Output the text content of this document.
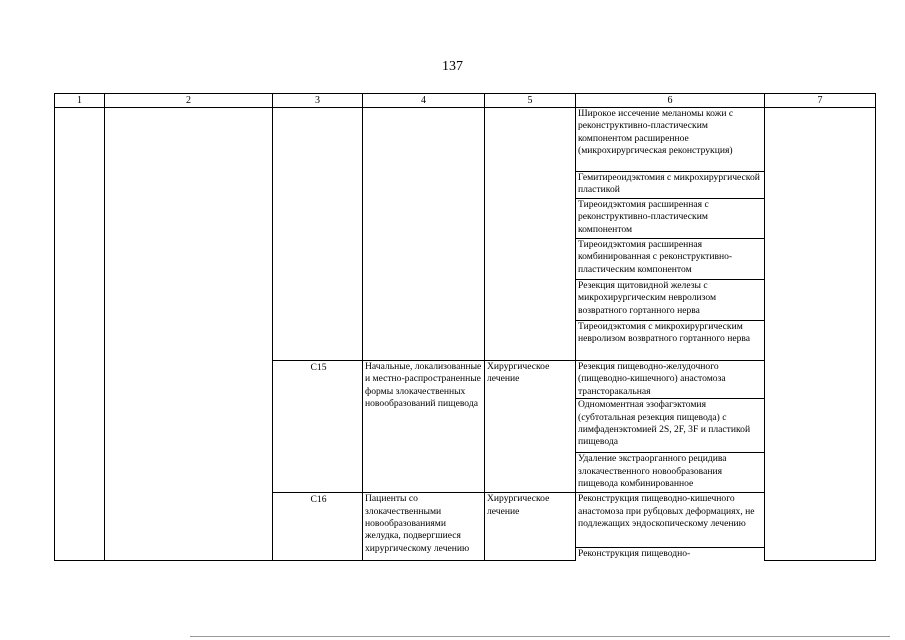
137
1	2	3	4	5	6	7
					Широкое иссечение меланомы кожи с реконструктивно-пластическим компонентом расширенное (микрохирургическая реконструкция)	
					Гемитиреоидэктомия с микрохирургической пластикой	
					Тиреоидэктомия расширенная с реконструктивно-пластическим компонентом	
					Тиреоидэктомия расширенная комбинированная с реконструктивно-пластическим компонентом	
					Резекция щитовидной железы с микрохирургическим невролизом возвратного гортанного нерва	
					Тиреоидэктомия с микрохирургическим невролизом возвратного гортанного нерва	
		C15	Начальные, локализованные и местно-распространенные формы злокачественных новообразований пищевода	Хирургическое лечение	Резекция пищеводно-желудочного (пищеводно-кишечного) анастомоза трансторакальная	
					Одномоментная эзофагэктомия (субтотальная резекция пищевода) с лимфаденэктомией 2S, 2F, 3F и пластикой пищевода	
					Удаление экстраорганного рецидива злокачественного новообразования пищевода комбинированное	
		C16	Пациенты со злокачественными новообразованиями желудка, подвергшиеся хирургическому лечению	Хирургическое лечение	Реконструкция пищеводно-кишечного анастомоза при рубцовых деформациях, не подлежащих эндоскопическому лечению	
					Реконструкция пищеводно-	
